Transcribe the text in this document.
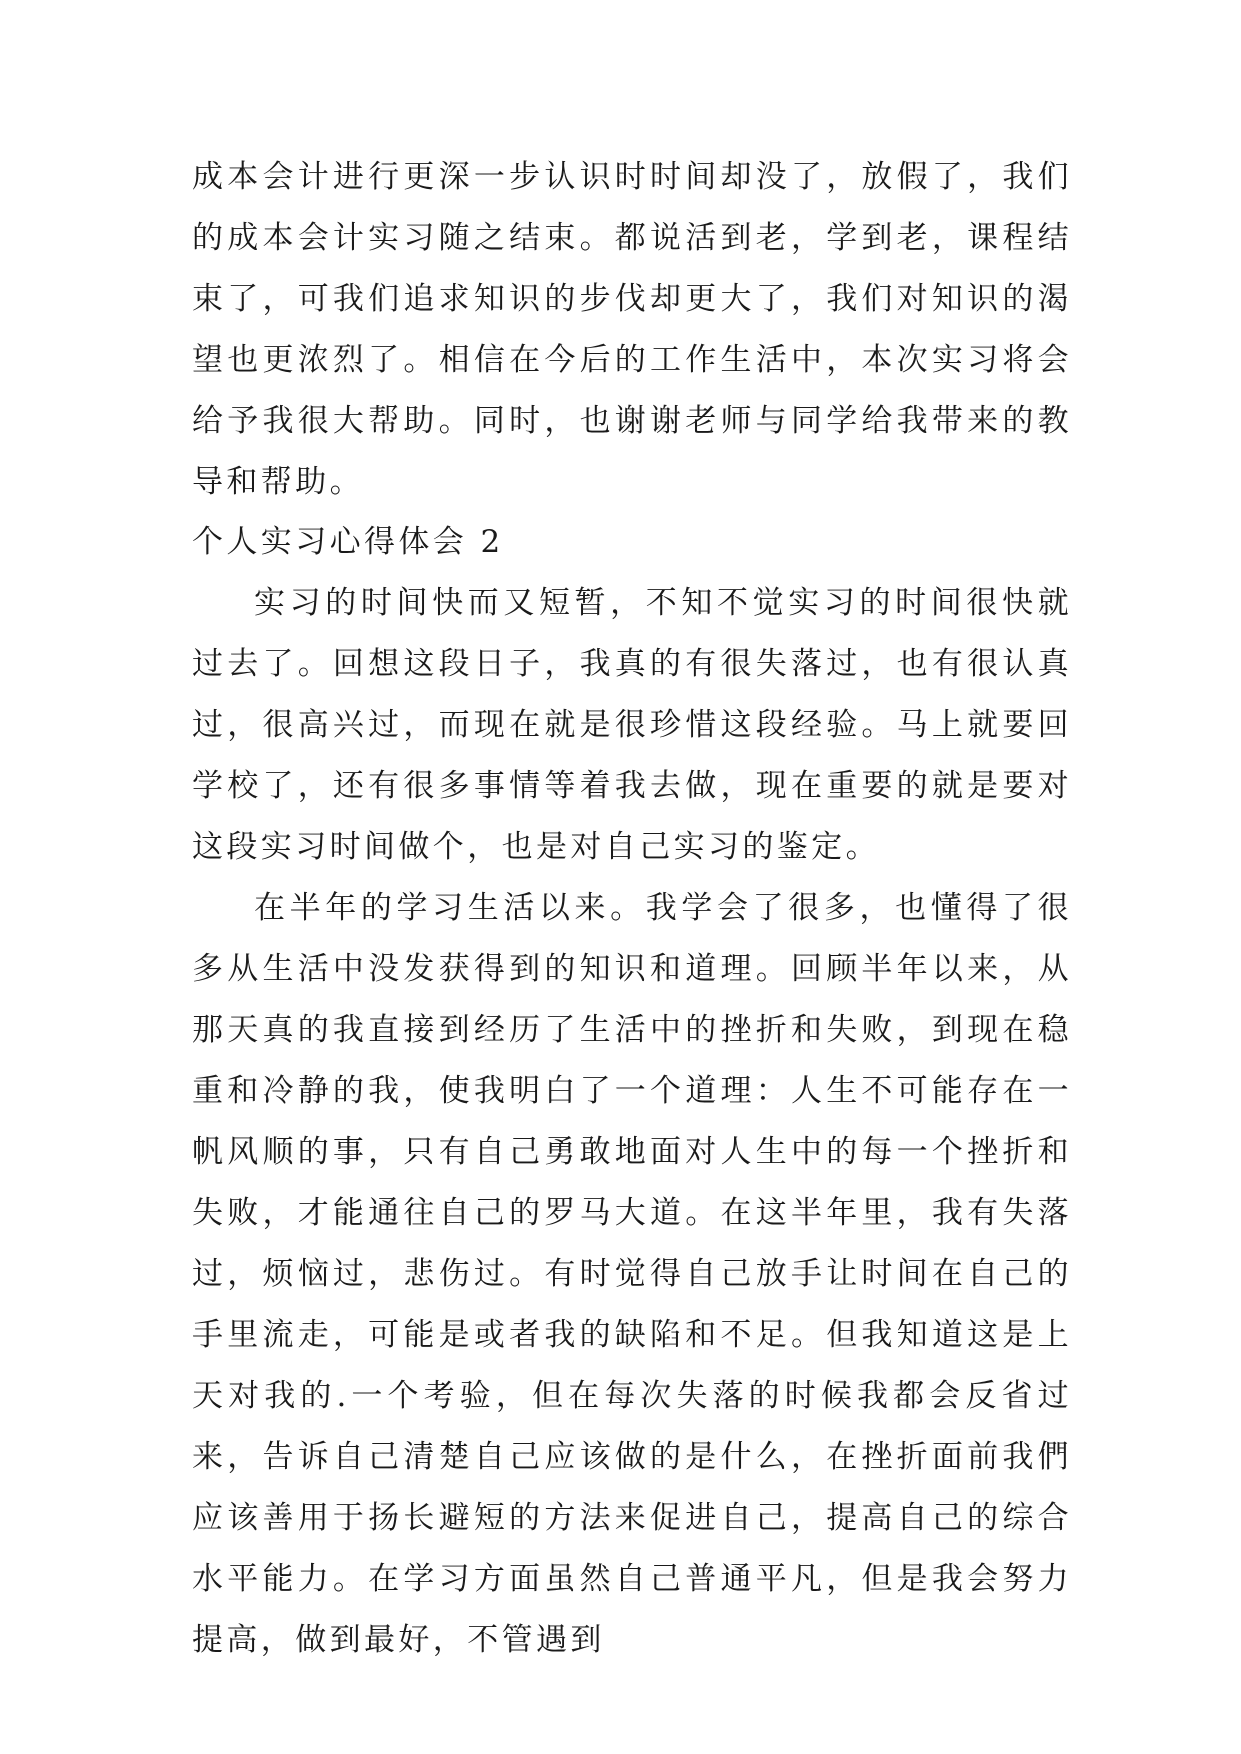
成本会计进行更深一步认识时时间却没了，放假了，我们的成本会计实习随之结束。都说活到老，学到老，课程结束了，可我们追求知识的步伐却更大了，我们对知识的渴望也更浓烈了。相信在今后的工作生活中，本次实习将会给予我很大帮助。同时，也谢谢老师与同学给我带来的教导和帮助。

个人实习心得体会 2

实习的时间快而又短暂，不知不觉实习的时间很快就过去了。回想这段日子，我真的有很失落过，也有很认真过，很高兴过，而现在就是很珍惜这段经验。马上就要回学校了，还有很多事情等着我去做，现在重要的就是要对这段实习时间做个，也是对自己实习的鉴定。

在半年的学习生活以来。我学会了很多，也懂得了很多从生活中没发获得到的知识和道理。回顾半年以来，从那天真的我直接到经历了生活中的挫折和失败，到现在稳重和冷静的我，使我明白了一个道理：人生不可能存在一帆风顺的事，只有自己勇敢地面对人生中的每一个挫折和失败，才能通往自己的罗马大道。在这半年里，我有失落过，烦恼过，悲伤过。有时觉得自己放手让时间在自己的手里流走，可能是或者我的缺陷和不足。但我知道这是上天对我的.一个考验，但在每次失落的时候我都会反省过来，告诉自己清楚自己应该做的是什么，在挫折面前我們应该善用于扬长避短的方法来促进自己，提高自己的综合水平能力。在学习方面虽然自己普通平凡，但是我会努力提高，做到最好，不管遇到
